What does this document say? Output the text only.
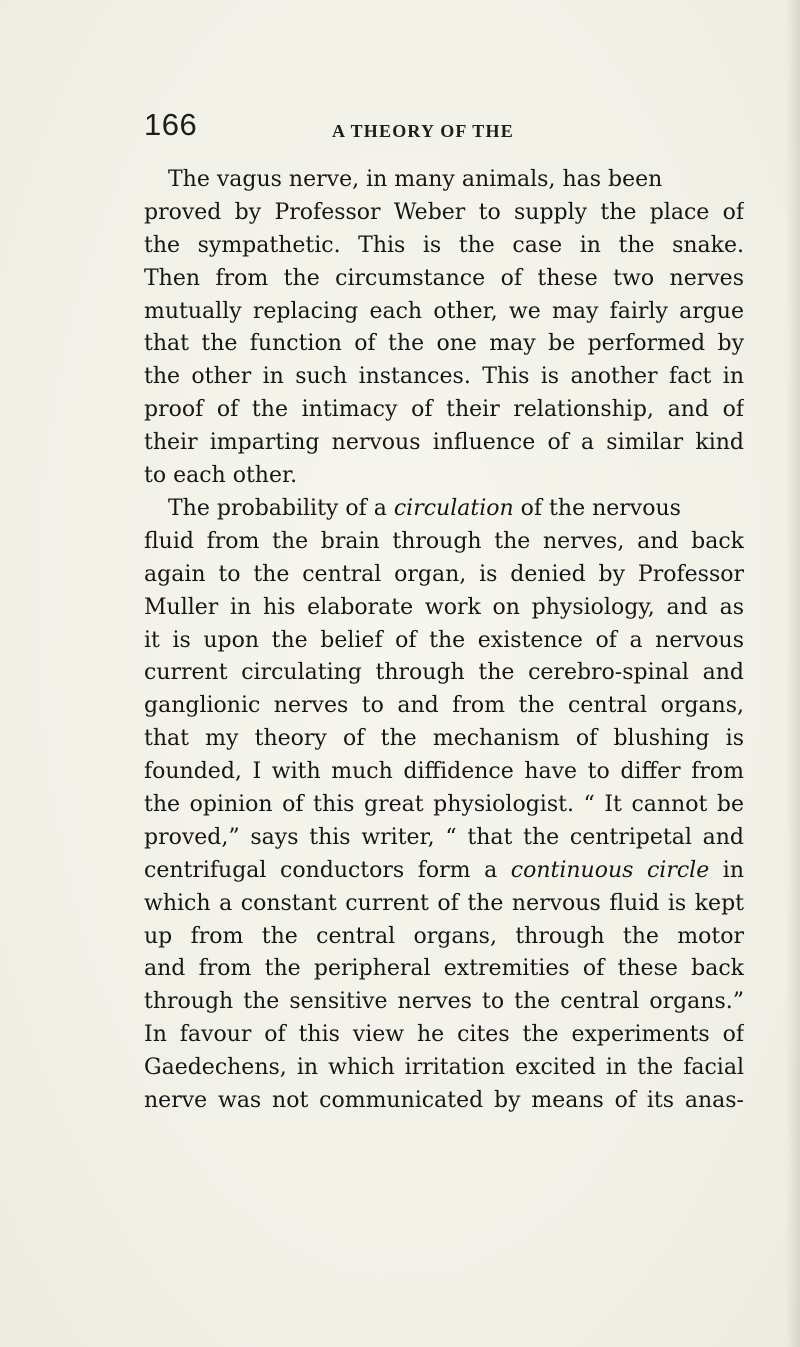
166	A THEORY OF THE
The vagus nerve, in many animals, has been
proved by Professor Weber to supply the place of
the sympathetic. This is the case in the snake.
Then from the circumstance of these two nerves
mutually replacing each other, we may fairly argue
that the function of the one may be performed by
the other in such instances. This is another fact in
proof of the intimacy of their relationship, and of
their imparting nervous influence of a similar kind
to each other.
The probability of a circulation of the nervous
fluid from the brain through the nerves, and back
again to the central organ, is denied by Professor
Muller in his elaborate work on physiology, and as
it is upon the belief of the existence of a nervous
current circulating through the cerebro-spinal and
ganglionic nerves to and from the central organs,
that my theory of the mechanism of blushing is
founded, I with much diffidence have to differ from
the opinion of this great physiologist. “ It cannot be
proved,” says this writer, “ that the centripetal and
centrifugal conductors form a continuous circle in
which a constant current of the nervous fluid is kept
up from the central organs, through the motor
and from the peripheral extremities of these back
through the sensitive nerves to the central organs.”
In favour of this view he cites the experiments of
Gaedechens, in which irritation excited in the facial
nerve was not communicated by means of its anas-
